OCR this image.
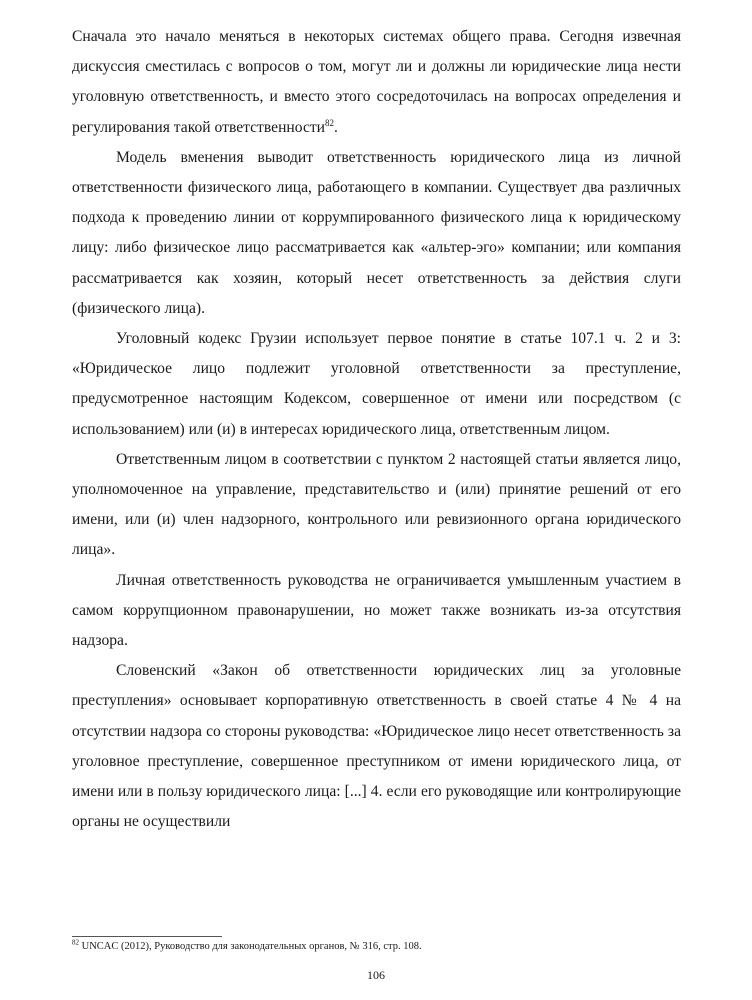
Сначала это начало меняться в некоторых системах общего права. Сегодня извечная дискуссия сместилась с вопросов о том, могут ли и должны ли юридические лица нести уголовную ответственность, и вместо этого сосредоточилась на вопросах определения и регулирования такой ответственности$^{82}$.

Модель вменения выводит ответственность юридического лица из личной ответственности физического лица, работающего в компании. Существует два различных подхода к проведению линии от коррумпированного физического лица к юридическому лицу: либо физическое лицо рассматривается как «альтер-эго» компании; или компания рассматривается как хозяин, который несет ответственность за действия слуги (физического лица).

Уголовный кодекс Грузии использует первое понятие в статье 107.1 ч. 2 и 3: «Юридическое лицо подлежит уголовной ответственности за преступление, предусмотренное настоящим Кодексом, совершенное от имени или посредством (с использованием) или (и) в интересах юридического лица, ответственным лицом.

Ответственным лицом в соответствии с пунктом 2 настоящей статьи является лицо, уполномоченное на управление, представительство и (или) принятие решений от его имени, или (и) член надзорного, контрольного или ревизионного органа юридического лица».

Личная ответственность руководства не ограничивается умышленным участием в самом коррупционном правонарушении, но может также возникать из-за отсутствия надзора.

Словенский «Закон об ответственности юридических лиц за уголовные преступления» основывает корпоративную ответственность в своей статье 4 № 4 на отсутствии надзора со стороны руководства: «Юридическое лицо несет ответственность за уголовное преступление, совершенное преступником от имени юридического лица, от имени или в пользу юридического лица: [...] 4. если его руководящие или контролирующие органы не осуществили

$^{82}$ UNCAC (2012), Руководство для законодательных органов, № 316, стр. 108.
106
